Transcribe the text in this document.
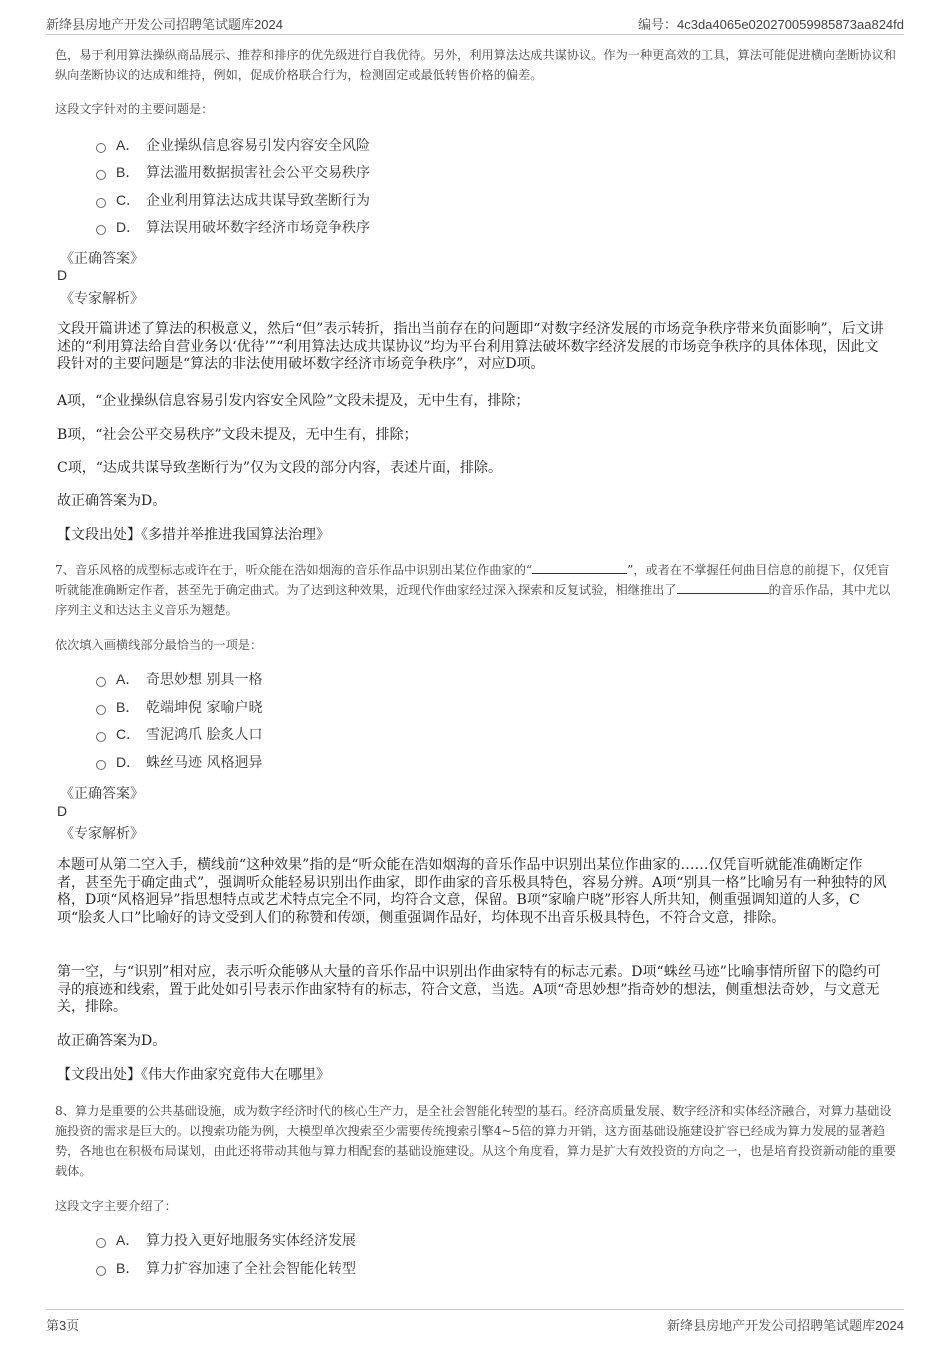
新绛县房地产开发公司招聘笔试题库2024	编号：4c3da4065e020270059985873aa824fd
色，易于利用算法操纵商品展示、推荐和排序的优先级进行自我优待。另外，利用算法达成共谋协议。作为一种更高效的工具，算法可能促进横向垄断协议和纵向垄断协议的达成和维持，例如，促成价格联合行为，检测固定或最低转售价格的偏差。
这段文字针对的主要问题是：
A． 企业操纵信息容易引发内容安全风险
B． 算法滥用数据损害社会公平交易秩序
C． 企业利用算法达成共谋导致垄断行为
D． 算法误用破坏数字经济市场竞争秩序
《正确答案》
D
《专家解析》
文段开篇讲述了算法的积极意义，然后“但”表示转折，指出当前存在的问题即“对数字经济发展的市场竞争秩序带来负面影响”，后文讲述的“利用算法给自营业务以‘优待’”“利用算法达成共谋协议”均为平台利用算法破坏数字经济发展的市场竞争秩序的具体体现，因此文段针对的主要问题是“算法的非法使用破坏数字经济市场竞争秩序”，对应D项。
A项，“企业操纵信息容易引发内容安全风险”文段未提及，无中生有，排除；
B项，“社会公平交易秩序”文段未提及，无中生有，排除；
C项，“达成共谋导致垄断行为”仅为文段的部分内容，表述片面，排除。
故正确答案为D。
【文段出处】《多措并举推进我国算法治理》
7、音乐风格的成型标志或许在于，听众能在浩如烟海的音乐作品中识别出某位作曲家的“	”，或者在不掌握任何曲目信息的前提下，仅凭盲听就能准确断定作者，甚至先于确定曲式。为了达到这种效果，近现代作曲家经过深入探索和反复试验，相继推出了	的音乐作品，其中尤以序列主义和达达主义音乐为翘楚。
依次填入画横线部分最恰当的一项是：
A． 奇思妙想 别具一格
B． 乾端坤倪 家喻户晓
C． 雪泥鸿爪 脍炙人口
D． 蛛丝马迹 风格迥异
《正确答案》
D
《专家解析》
本题可从第二空入手，横线前“这种效果”指的是“听众能在浩如烟海的音乐作品中识别出某位作曲家的……仅凭盲听就能准确断定作者，甚至先于确定曲式”，强调听众能轻易识别出作曲家，即作曲家的音乐极具特色，容易分辨。A项“别具一格”比喻另有一种独特的风格，D项“风格迥异”指思想特点或艺术特点完全不同，均符合文意，保留。B项“家喻户晓”形容人所共知，侧重强调知道的人多，C项“脍炙人口”比喻好的诗文受到人们的称赞和传颂，侧重强调作品好，均体现不出音乐极具特色，不符合文意，排除。
第一空，与“识别”相对应，表示听众能够从大量的音乐作品中识别出作曲家特有的标志元素。D项“蛛丝马迹”比喻事情所留下的隐约可寻的痕迹和线索，置于此处如引号表示作曲家特有的标志，符合文意，当选。A项“奇思妙想”指奇妙的想法，侧重想法奇妙，与文意无关，排除。
故正确答案为D。
【文段出处】《伟大作曲家究竟伟大在哪里》
8、算力是重要的公共基础设施，成为数字经济时代的核心生产力，是全社会智能化转型的基石。经济高质量发展、数字经济和实体经济融合，对算力基础设施投资的需求是巨大的。以搜索功能为例，大模型单次搜索至少需要传统搜索引擎4~5倍的算力开销，这方面基础设施建设扩容已经成为算力发展的显著趋势，各地也在积极布局谋划，由此还将带动其他与算力相配套的基础设施建设。从这个角度看，算力是扩大有效投资的方向之一，也是培育投资新动能的重要载体。
这段文字主要介绍了：
A． 算力投入更好地服务实体经济发展
B． 算力扩容加速了全社会智能化转型
第3页	新绛县房地产开发公司招聘笔试题库2024
